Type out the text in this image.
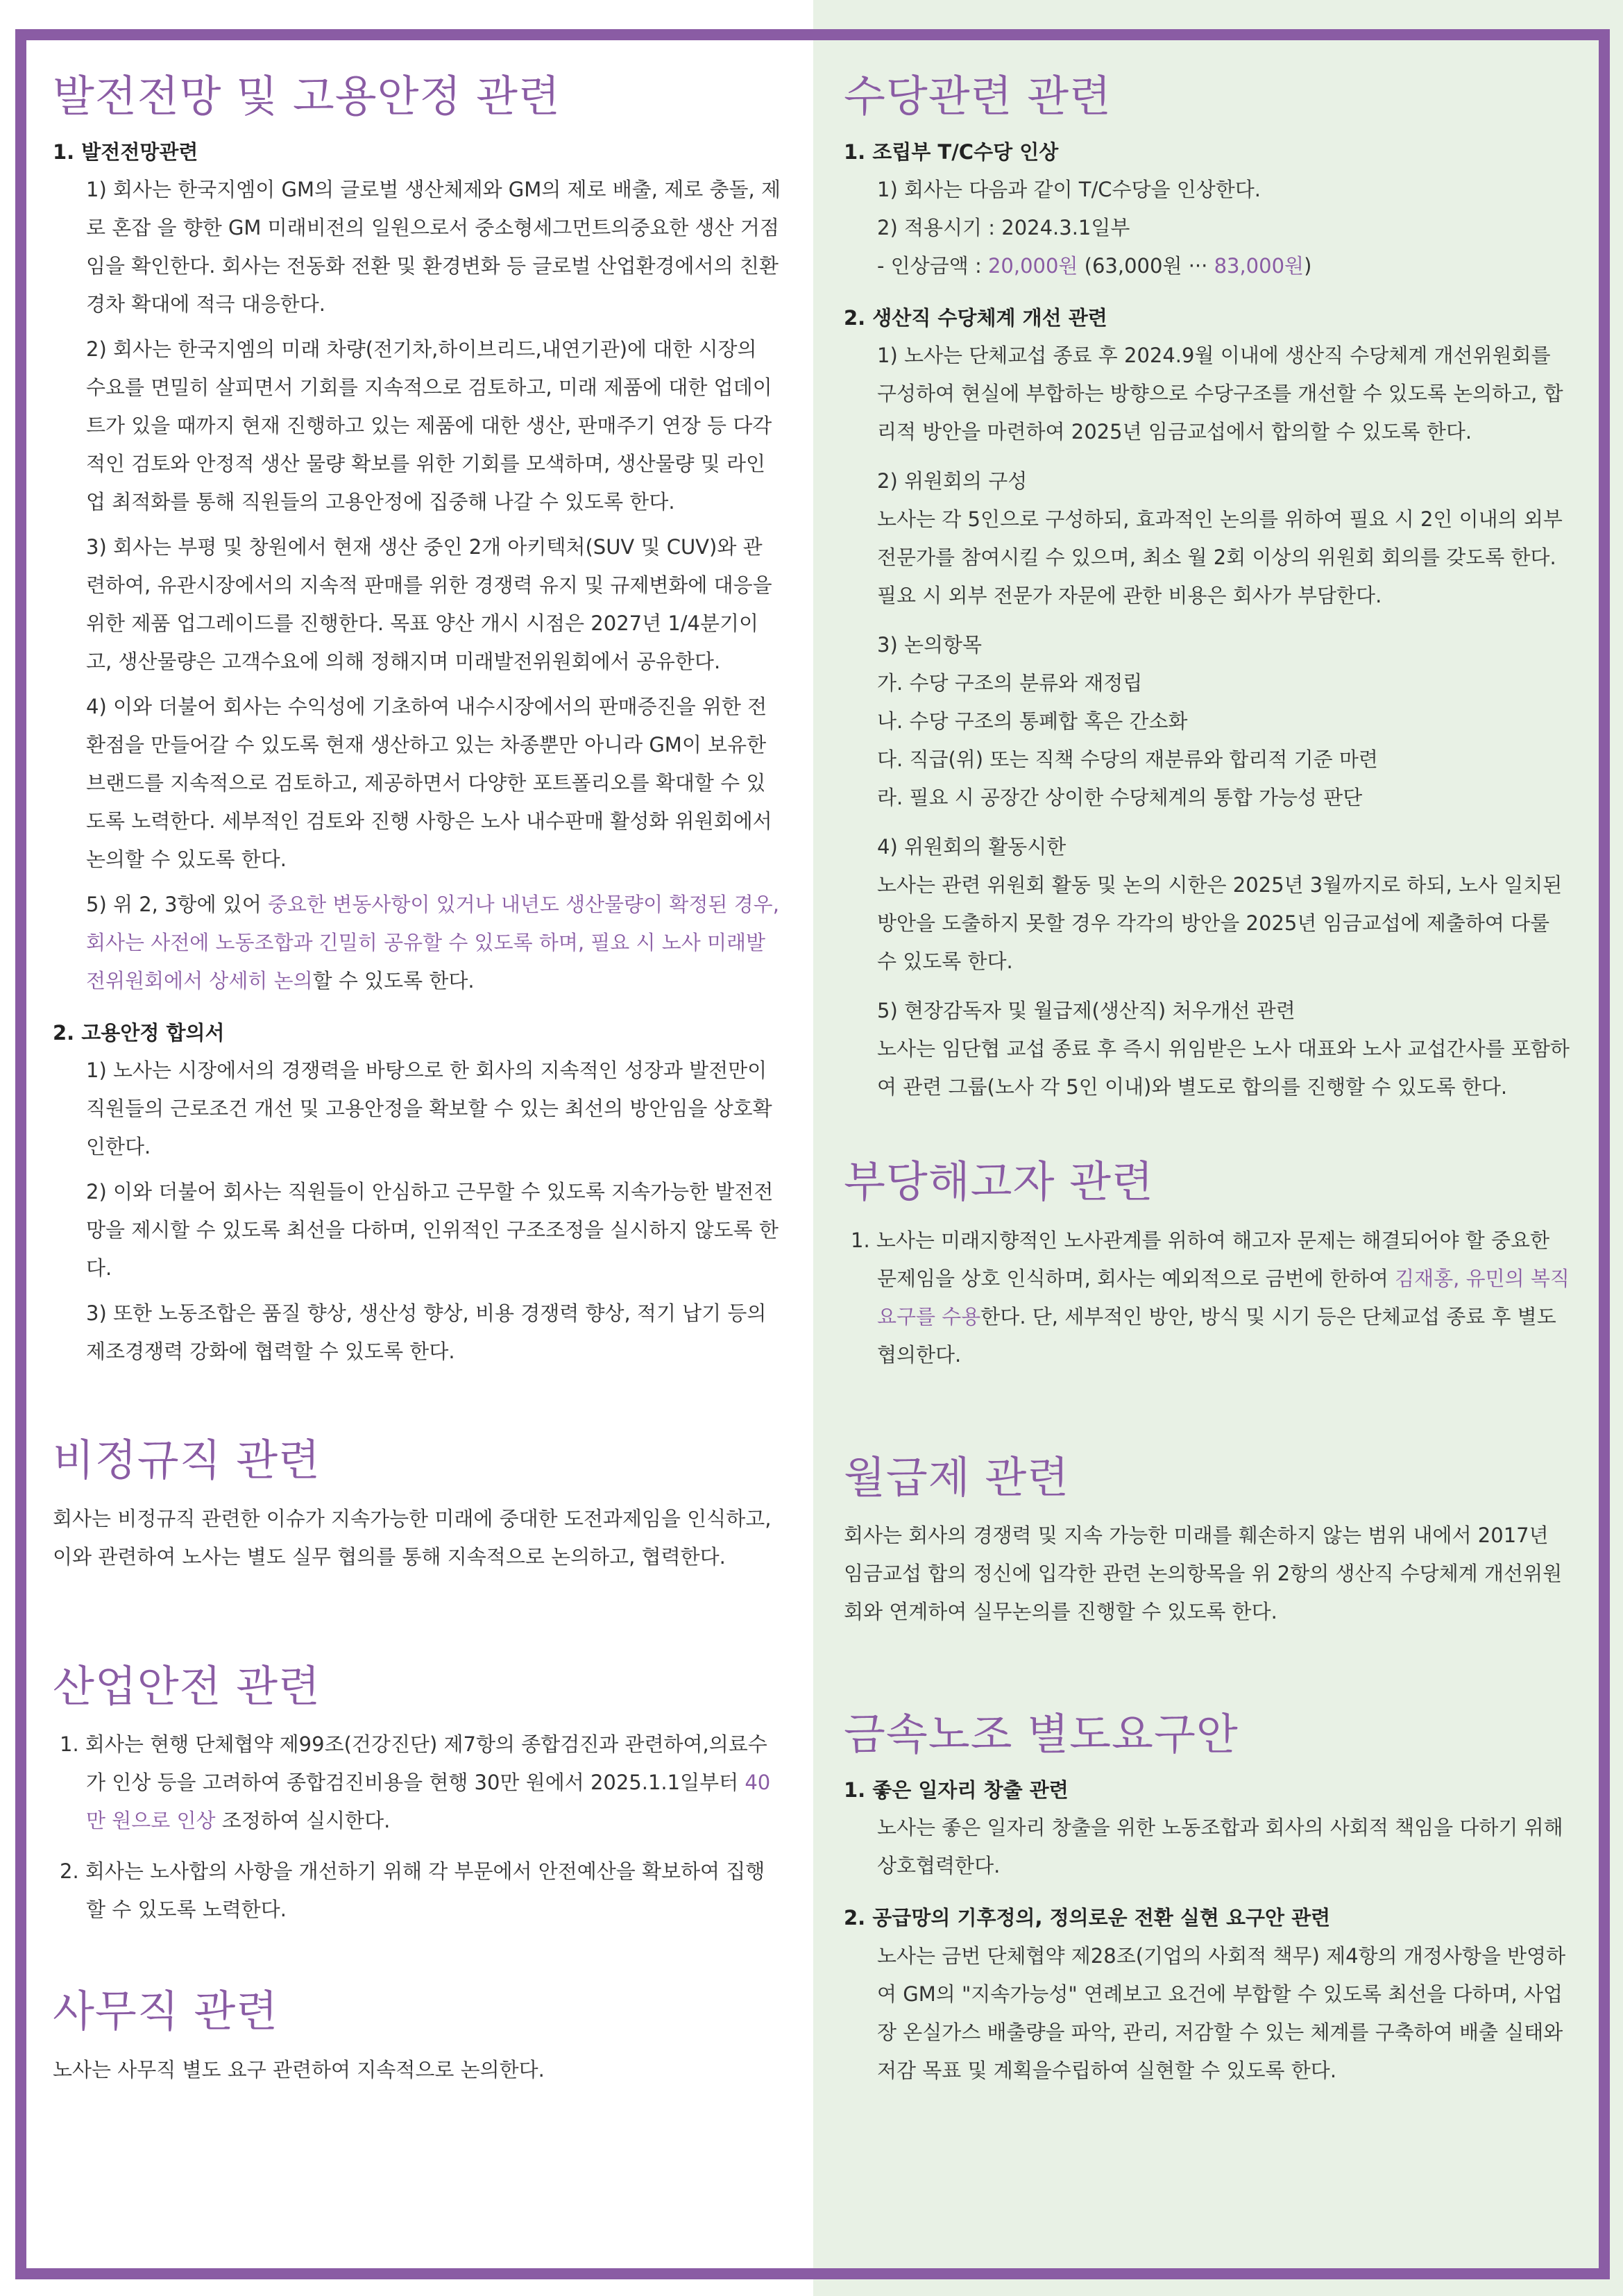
발전전망 및 고용안정 관련
1. 발전전망관련

1) 회사는 한국지엠이 GM의 글로벌 생산체제와 GM의 제로 배출, 제로 충돌, 제로 혼잡 을 향한 GM 미래비전의 일원으로서 중소형세그먼트의중요한 생산 거점임을 확인한다. 회사는 전동화 전환 및 환경변화 등 글로벌 산업환경에서의 친환경차 확대에 적극 대응한다.

2) 회사는 한국지엠의 미래 차량(전기차,하이브리드,내연기관)에 대한 시장의 수요를 면밀히 살피면서 기회를 지속적으로 검토하고, 미래 제품에 대한 업데이트가 있을 때까지 현재 진행하고 있는 제품에 대한 생산, 판매주기 연장 등 다각적인 검토와 안정적 생산 물량 확보를 위한 기회를 모색하며, 생산물량 및 라인업 최적화를 통해 직원들의 고용안정에 집중해 나갈 수 있도록 한다.

3) 회사는 부평 및 창원에서 현재 생산 중인 2개 아키텍처(SUV 및 CUV)와 관련하여, 유관시장에서의 지속적 판매를 위한 경쟁력 유지 및 규제변화에 대응을 위한 제품 업그레이드를 진행한다. 목표 양산 개시 시점은 2027년 1/4분기이고, 생산물량은 고객수요에 의해 정해지며 미래발전위원회에서 공유한다.

4) 이와 더불어 회사는 수익성에 기초하여 내수시장에서의 판매증진을 위한 전환점을 만들어갈 수 있도록 현재 생산하고 있는 차종뿐만 아니라 GM이 보유한 브랜드를 지속적으로 검토하고, 제공하면서 다양한 포트폴리오를 확대할 수 있도록 노력한다. 세부적인 검토와 진행 사항은 노사 내수판매 활성화 위원회에서 논의할 수 있도록 한다.

5) 위 2, 3항에 있어 중요한 변동사항이 있거나 내년도 생산물량이 확정된 경우, 회사는 사전에 노동조합과 긴밀히 공유할 수 있도록 하며, 필요 시 노사 미래발전위원회에서 상세히 논의할 수 있도록 한다.

2. 고용안정 합의서

1) 노사는 시장에서의 경쟁력을 바탕으로 한 회사의 지속적인 성장과 발전만이 직원들의 근로조건 개선 및 고용안정을 확보할 수 있는 최선의 방안임을 상호확인한다.

2) 이와 더불어 회사는 직원들이 안심하고 근무할 수 있도록 지속가능한 발전전망을 제시할 수 있도록 최선을 다하며, 인위적인 구조조정을 실시하지 않도록 한다.

3) 또한 노동조합은 품질 향상, 생산성 향상, 비용 경쟁력 향상, 적기 납기 등의 제조경쟁력 강화에 협력할 수 있도록 한다.

비정규직 관련

회사는 비정규직 관련한 이슈가 지속가능한 미래에 중대한 도전과제임을 인식하고, 이와 관련하여 노사는 별도 실무 협의를 통해 지속적으로 논의하고, 협력한다.

산업안전 관련

1. 회사는 현행 단체협약 제99조(건강진단) 제7항의 종합검진과 관련하여,의료수가 인상 등을 고려하여 종합검진비용을 현행 30만 원에서 2025.1.1일부터 40만 원으로 인상 조정하여 실시한다.

2. 회사는 노사합의 사항을 개선하기 위해 각 부문에서 안전예산을 확보하여 집행할 수 있도록 노력한다.

사무직 관련

노사는 사무직 별도 요구 관련하여 지속적으로 논의한다.

수당관련 관련
1. 조립부 T/C수당 인상

1) 회사는 다음과 같이 T/C수당을 인상한다.

2) 적용시기 : 2024.3.1일부

- 인상금액 : 20,000원 (63,000원 ··· 83,000원)

2. 생산직 수당체계 개선 관련

1) 노사는 단체교섭 종료 후 2024.9월 이내에 생산직 수당체계 개선위원회를 구성하여 현실에 부합하는 방향으로 수당구조를 개선할 수 있도록 논의하고, 합리적 방안을 마련하여 2025년 임금교섭에서 합의할 수 있도록 한다.

2) 위원회의 구성

노사는 각 5인으로 구성하되, 효과적인 논의를 위하여 필요 시 2인 이내의 외부전문가를 참여시킬 수 있으며, 최소 월 2회 이상의 위원회 회의를 갖도록 한다. 필요 시 외부 전문가 자문에 관한 비용은 회사가 부담한다.

3) 논의항목

가. 수당 구조의 분류와 재정립

나. 수당 구조의 통폐합 혹은 간소화

다. 직급(위) 또는 직책 수당의 재분류와 합리적 기준 마련

라. 필요 시 공장간 상이한 수당체계의 통합 가능성 판단

4) 위원회의 활동시한

노사는 관련 위원회 활동 및 논의 시한은 2025년 3월까지로 하되, 노사 일치된 방안을 도출하지 못할 경우 각각의 방안을 2025년 임금교섭에 제출하여 다룰 수 있도록 한다.

5) 현장감독자 및 월급제(생산직) 처우개선 관련

노사는 임단협 교섭 종료 후 즉시 위임받은 노사 대표와 노사 교섭간사를 포함하여 관련 그룹(노사 각 5인 이내)와 별도로 합의를 진행할 수 있도록 한다.

부당해고자 관련

1. 노사는 미래지향적인 노사관계를 위하여 해고자 문제는 해결되어야 할 중요한 문제임을 상호 인식하며, 회사는 예외적으로 금번에 한하여 김재홍, 유민의 복직 요구를 수용한다. 단, 세부적인 방안, 방식 및 시기 등은 단체교섭 종료 후 별도 협의한다.

월급제 관련

회사는 회사의 경쟁력 및 지속 가능한 미래를 훼손하지 않는 범위 내에서 2017년 임금교섭 합의 정신에 입각한 관련 논의항목을 위 2항의 생산직 수당체계 개선위원회와 연계하여 실무논의를 진행할 수 있도록 한다.

금속노조 별도요구안
1. 좋은 일자리 창출 관련

노사는 좋은 일자리 창출을 위한 노동조합과 회사의 사회적 책임을 다하기 위해 상호협력한다.

2. 공급망의 기후정의, 정의로운 전환 실현 요구안 관련

노사는 금번 단체협약 제28조(기업의 사회적 책무) 제4항의 개정사항을 반영하여 GM의 "지속가능성" 연례보고 요건에 부합할 수 있도록 최선을 다하며, 사업장 온실가스 배출량을 파악, 관리, 저감할 수 있는 체계를 구축하여 배출 실태와 저감 목표 및 계획을수립하여 실현할 수 있도록 한다.
